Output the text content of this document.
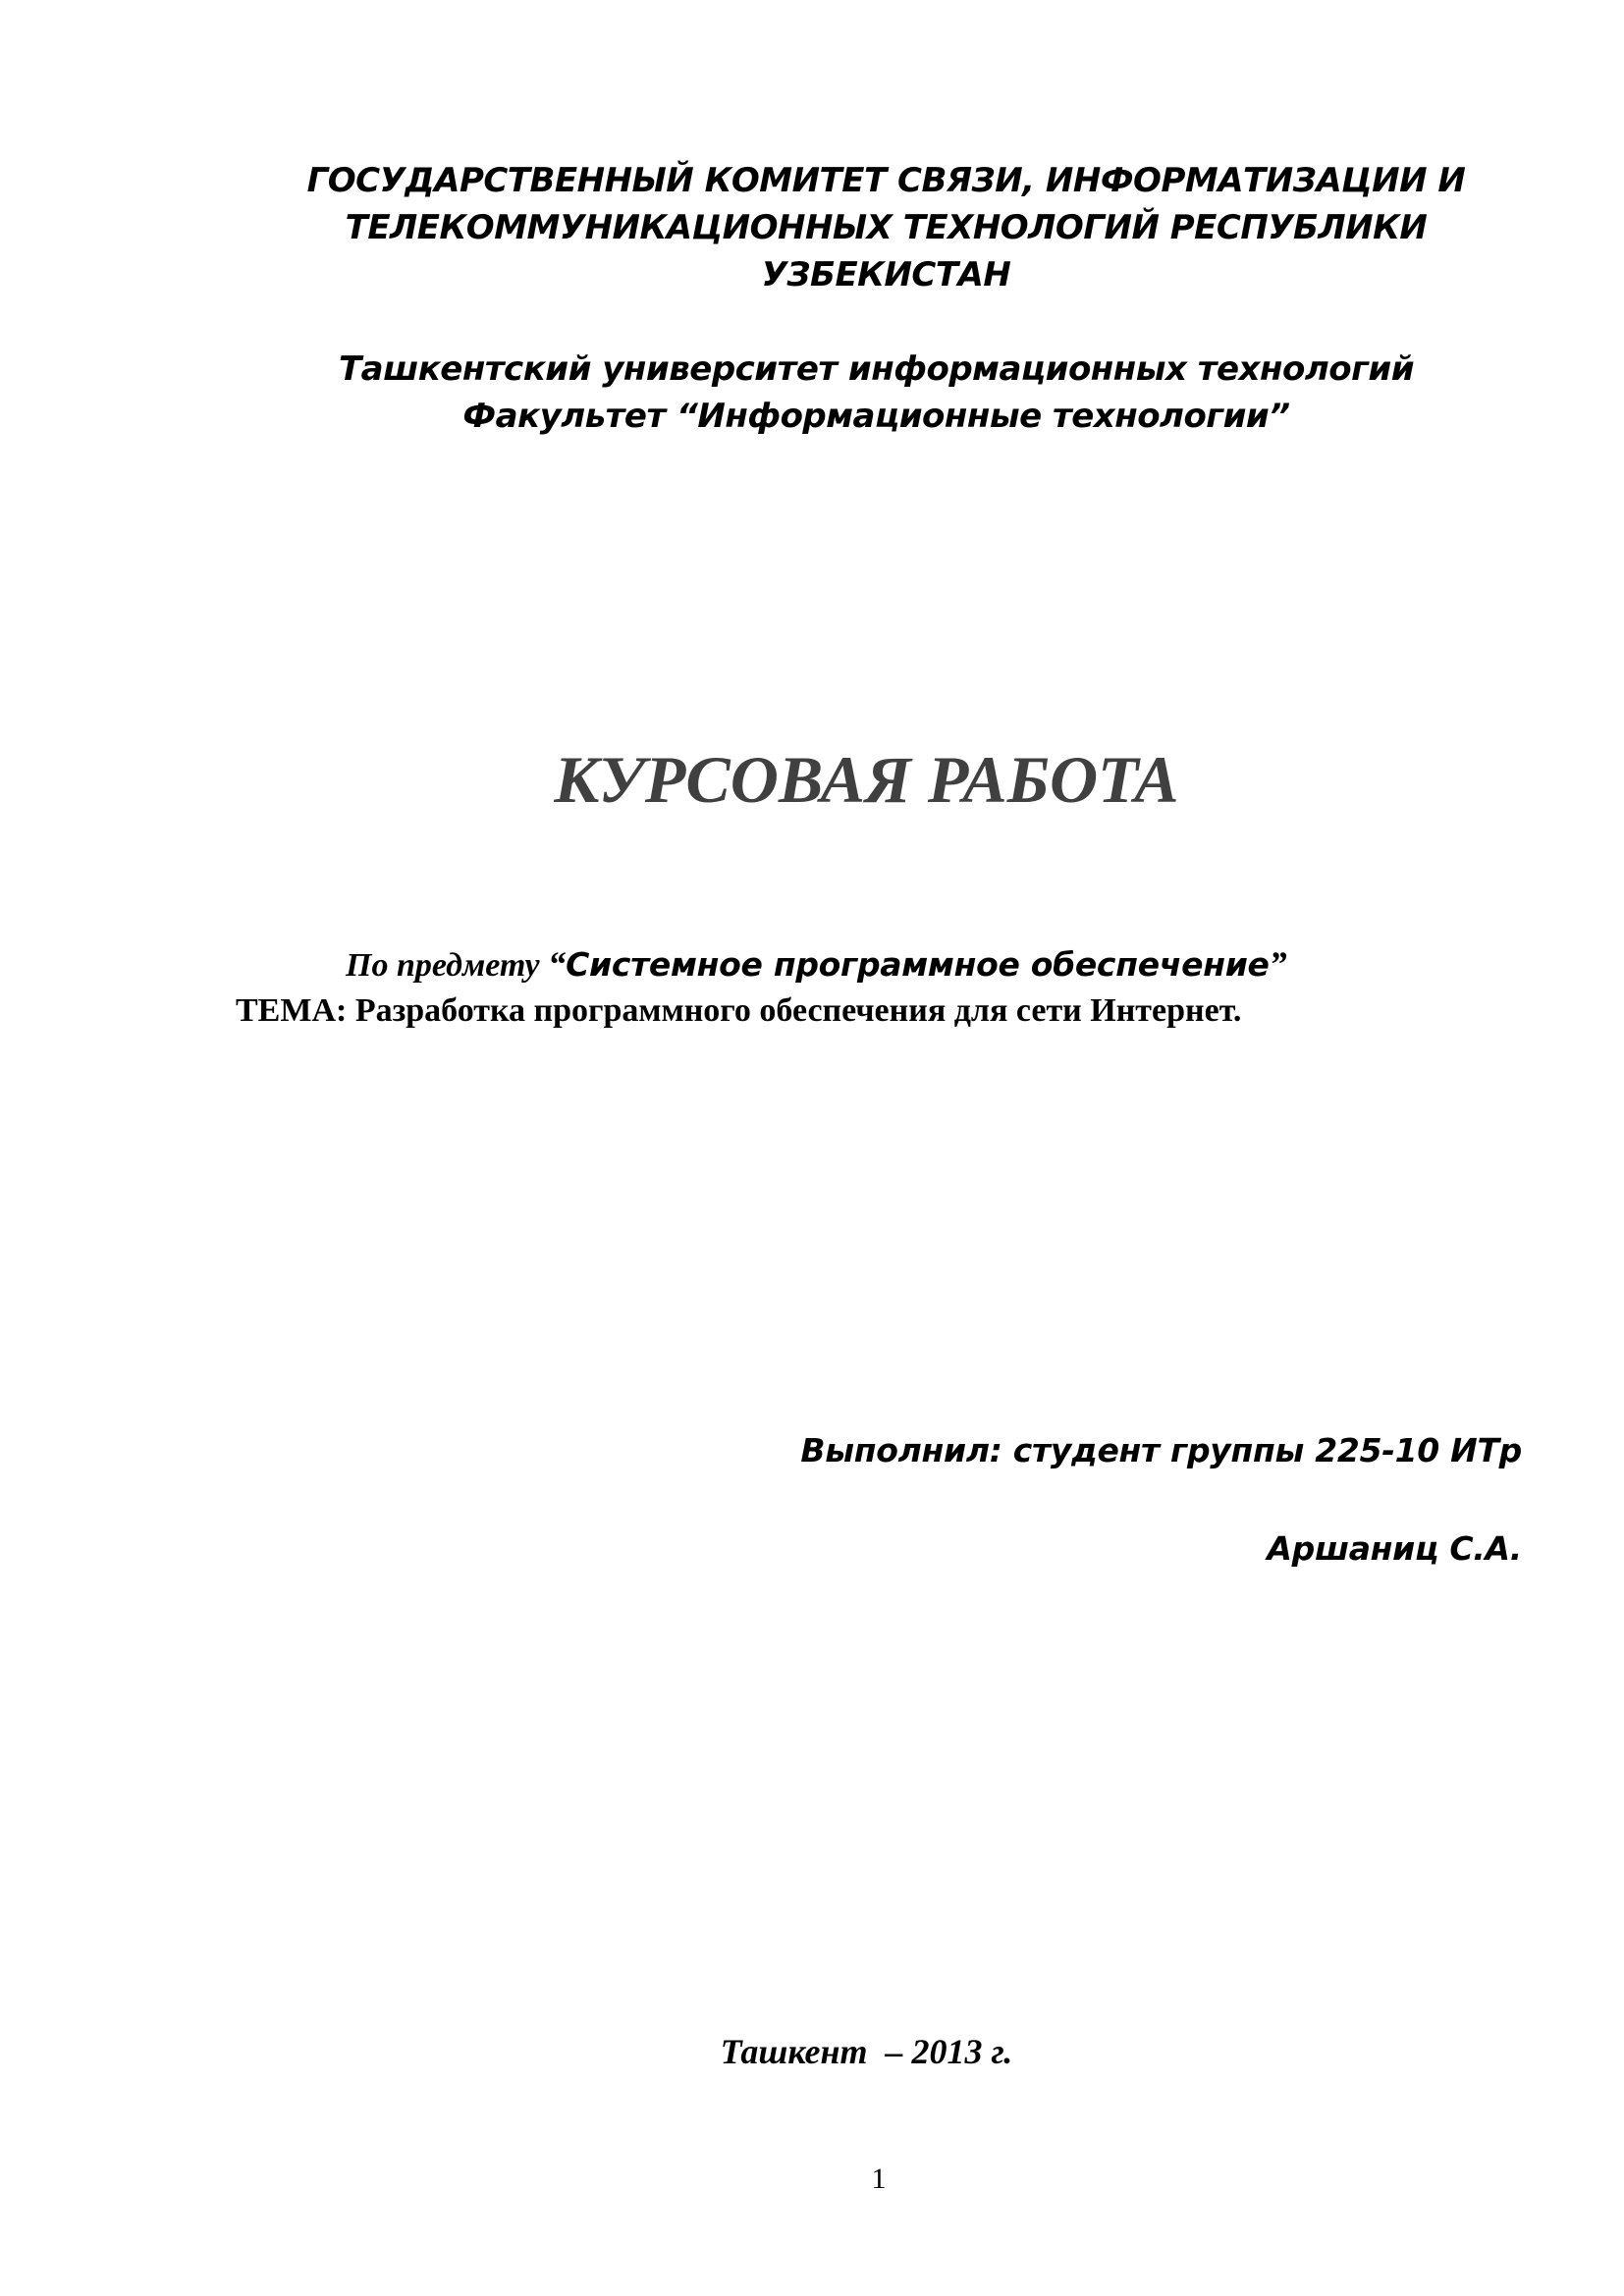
ГОСУДАРСТВЕННЫЙ КОМИТЕТ СВЯЗИ, ИНФОРМАТИЗАЦИИ И
ТЕЛЕКОММУНИКАЦИОННЫХ ТЕХНОЛОГИЙ РЕСПУБЛИКИ
УЗБЕКИСТАН
Ташкентский университет информационных технологий
Факультет “Информационные технологии”
КУРСОВАЯ РАБОТА
По предмету “Системное программное обеспечение”
ТЕМА: Разработка программного обеспечения для сети Интернет.
Выполнил: студент группы 225-10 ИТр
Аршаниц С.А.
Ташкент  – 2013 г.
1
